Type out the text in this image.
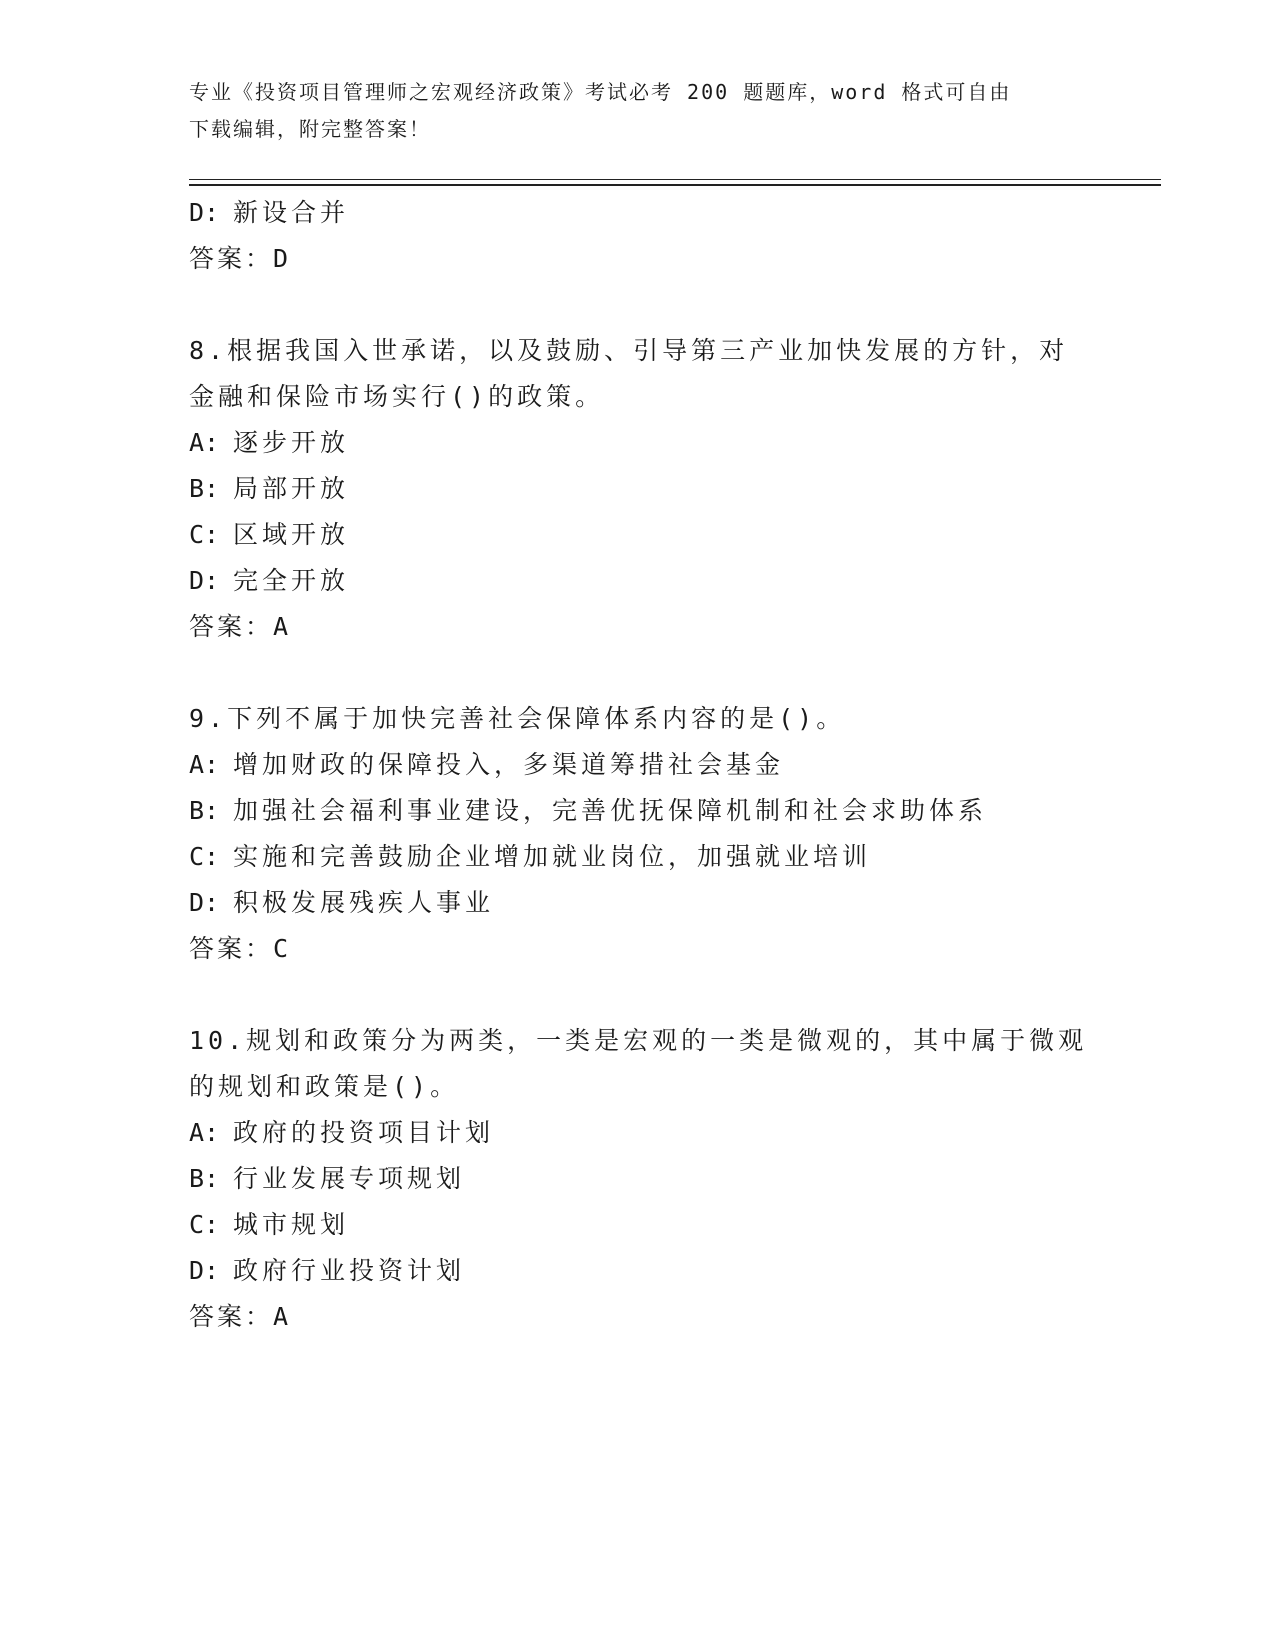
专业《投资项目管理师之宏观经济政策》考试必考 200 题题库，word 格式可自由
下载编辑，附完整答案！
D: 新设合并
答案：D
8.根据我国入世承诺，以及鼓励、引导第三产业加快发展的方针，对
金融和保险市场实行()的政策。
A: 逐步开放
B: 局部开放
C: 区域开放
D: 完全开放
答案：A
9.下列不属于加快完善社会保障体系内容的是()。
A: 增加财政的保障投入，多渠道筹措社会基金
B: 加强社会福利事业建设，完善优抚保障机制和社会求助体系
C: 实施和完善鼓励企业增加就业岗位，加强就业培训
D: 积极发展残疾人事业
答案：C
10.规划和政策分为两类，一类是宏观的一类是微观的，其中属于微观
的规划和政策是()。
A: 政府的投资项目计划
B: 行业发展专项规划
C: 城市规划
D: 政府行业投资计划
答案：A
